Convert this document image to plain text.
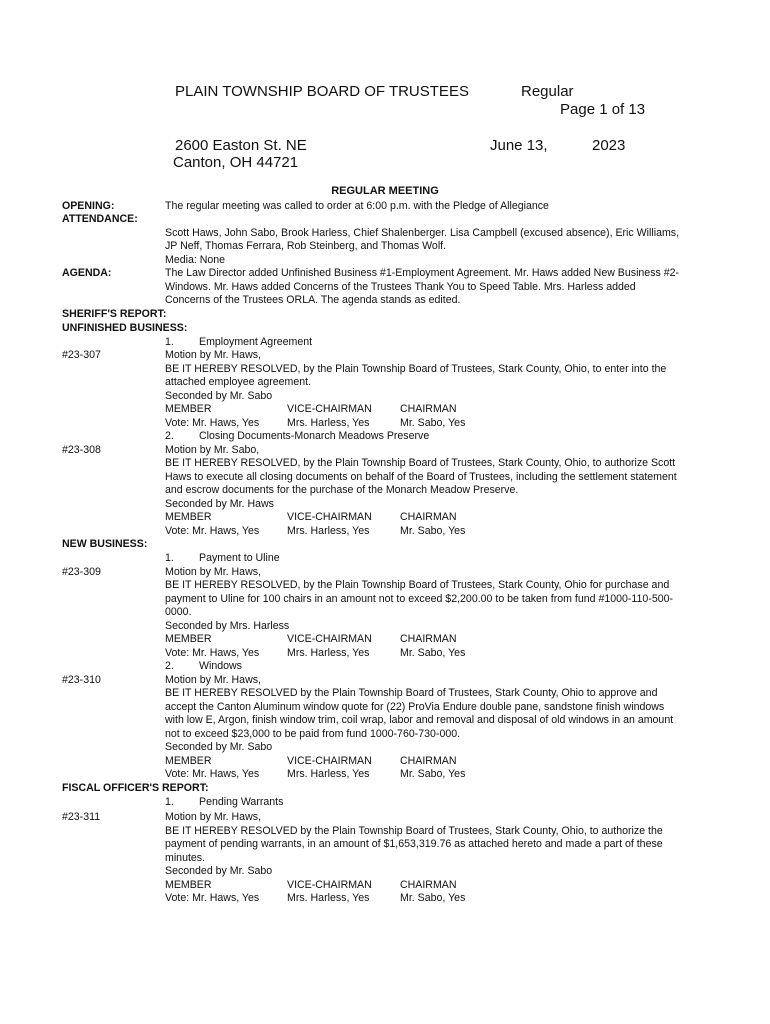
PLAIN TOWNSHIP BOARD OF TRUSTEES	Regular
Page 1 of 13
2600 Easton St. NE
Canton, OH 44721
June 13,	2023
REGULAR MEETING
OPENING:	The regular meeting was called to order at 6:00 p.m. with the Pledge of Allegiance
ATTENDANCE:
Scott Haws, John Sabo, Brook Harless, Chief Shalenberger. Lisa Campbell (excused absence), Eric Williams,
JP Neff, Thomas Ferrara, Rob Steinberg, and Thomas Wolf.
Media: None
AGENDA:	The Law Director added Unfinished Business #1-Employment Agreement. Mr. Haws added New Business #2-
Windows. Mr. Haws added Concerns of the Trustees Thank You to Speed Table. Mrs. Harless added
Concerns of the Trustees ORLA. The agenda stands as edited.
SHERIFF'S REPORT:
UNFINISHED BUSINESS:
1. Employment Agreement
#23-307	Motion by Mr. Haws,
BE IT HEREBY RESOLVED, by the Plain Township Board of Trustees, Stark County, Ohio, to enter into the
attached employee agreement.
Seconded by Mr. Sabo
MEMBER	VICE-CHAIRMAN	CHAIRMAN
Vote: Mr. Haws, Yes	Mrs. Harless, Yes	Mr. Sabo, Yes
2. Closing Documents-Monarch Meadows Preserve
#23-308	Motion by Mr. Sabo,
BE IT HEREBY RESOLVED, by the Plain Township Board of Trustees, Stark County, Ohio, to authorize Scott
Haws to execute all closing documents on behalf of the Board of Trustees, including the settlement statement
and escrow documents for the purchase of the Monarch Meadow Preserve.
Seconded by Mr. Haws
MEMBER	VICE-CHAIRMAN	CHAIRMAN
Vote: Mr. Haws, Yes	Mrs. Harless, Yes	Mr. Sabo, Yes
NEW BUSINESS:
1. Payment to Uline
#23-309	Motion by Mr. Haws,
BE IT HEREBY RESOLVED, by the Plain Township Board of Trustees, Stark County, Ohio for purchase and
payment to Uline for 100 chairs in an amount not to exceed $2,200.00 to be taken from fund #1000-110-500-
0000.
Seconded by Mrs. Harless
MEMBER	VICE-CHAIRMAN	CHAIRMAN
Vote: Mr. Haws, Yes	Mrs. Harless, Yes	Mr. Sabo, Yes
2. Windows
#23-310	Motion by Mr. Haws,
BE IT HEREBY RESOLVED by the Plain Township Board of Trustees, Stark County, Ohio to approve and
accept the Canton Aluminum window quote for (22) ProVia Endure double pane, sandstone finish windows
with low E, Argon, finish window trim, coil wrap, labor and removal and disposal of old windows in an amount
not to exceed $23,000 to be paid from fund 1000-760-730-000.
Seconded by Mr. Sabo
MEMBER	VICE-CHAIRMAN	CHAIRMAN
Vote: Mr. Haws, Yes	Mrs. Harless, Yes	Mr. Sabo, Yes
FISCAL OFFICER'S REPORT:
1. Pending Warrants
#23-311	Motion by Mr. Haws,
BE IT HEREBY RESOLVED by the Plain Township Board of Trustees, Stark County, Ohio, to authorize the
payment of pending warrants, in an amount of $1,653,319.76 as attached hereto and made a part of these
minutes.
Seconded by Mr. Sabo
MEMBER	VICE-CHAIRMAN	CHAIRMAN
Vote: Mr. Haws, Yes	Mrs. Harless, Yes	Mr. Sabo, Yes
